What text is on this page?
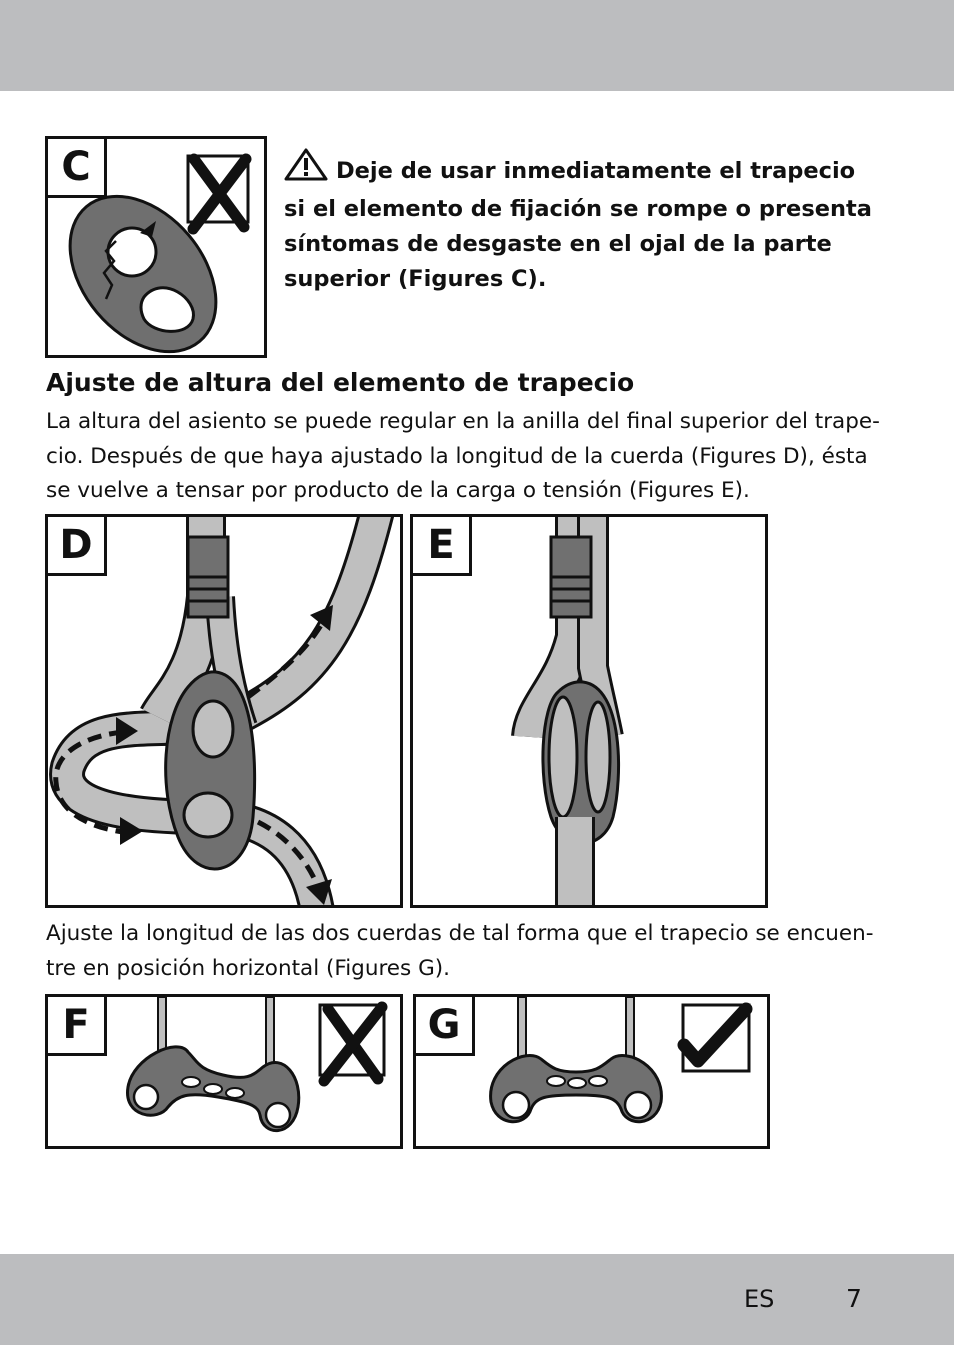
C	Deje de usar inmediatamente el trapecio
si el elemento de fijación se rompe o presenta
síntomas de desgaste en el ojal de la parte
superior (Figures C).
Ajuste de altura del elemento de trapecio
La altura del asiento se puede regular en la anilla del final superior del trape-
cio. Después de que haya ajustado la longitud de la cuerda (Figures D), ésta
se vuelve a tensar por producto de la carga o tensión (Figures E).
D	E
Ajuste la longitud de las dos cuerdas de tal forma que el trapecio se encuen-
tre en posición horizontal (Figures G).
F	G
ES	7
